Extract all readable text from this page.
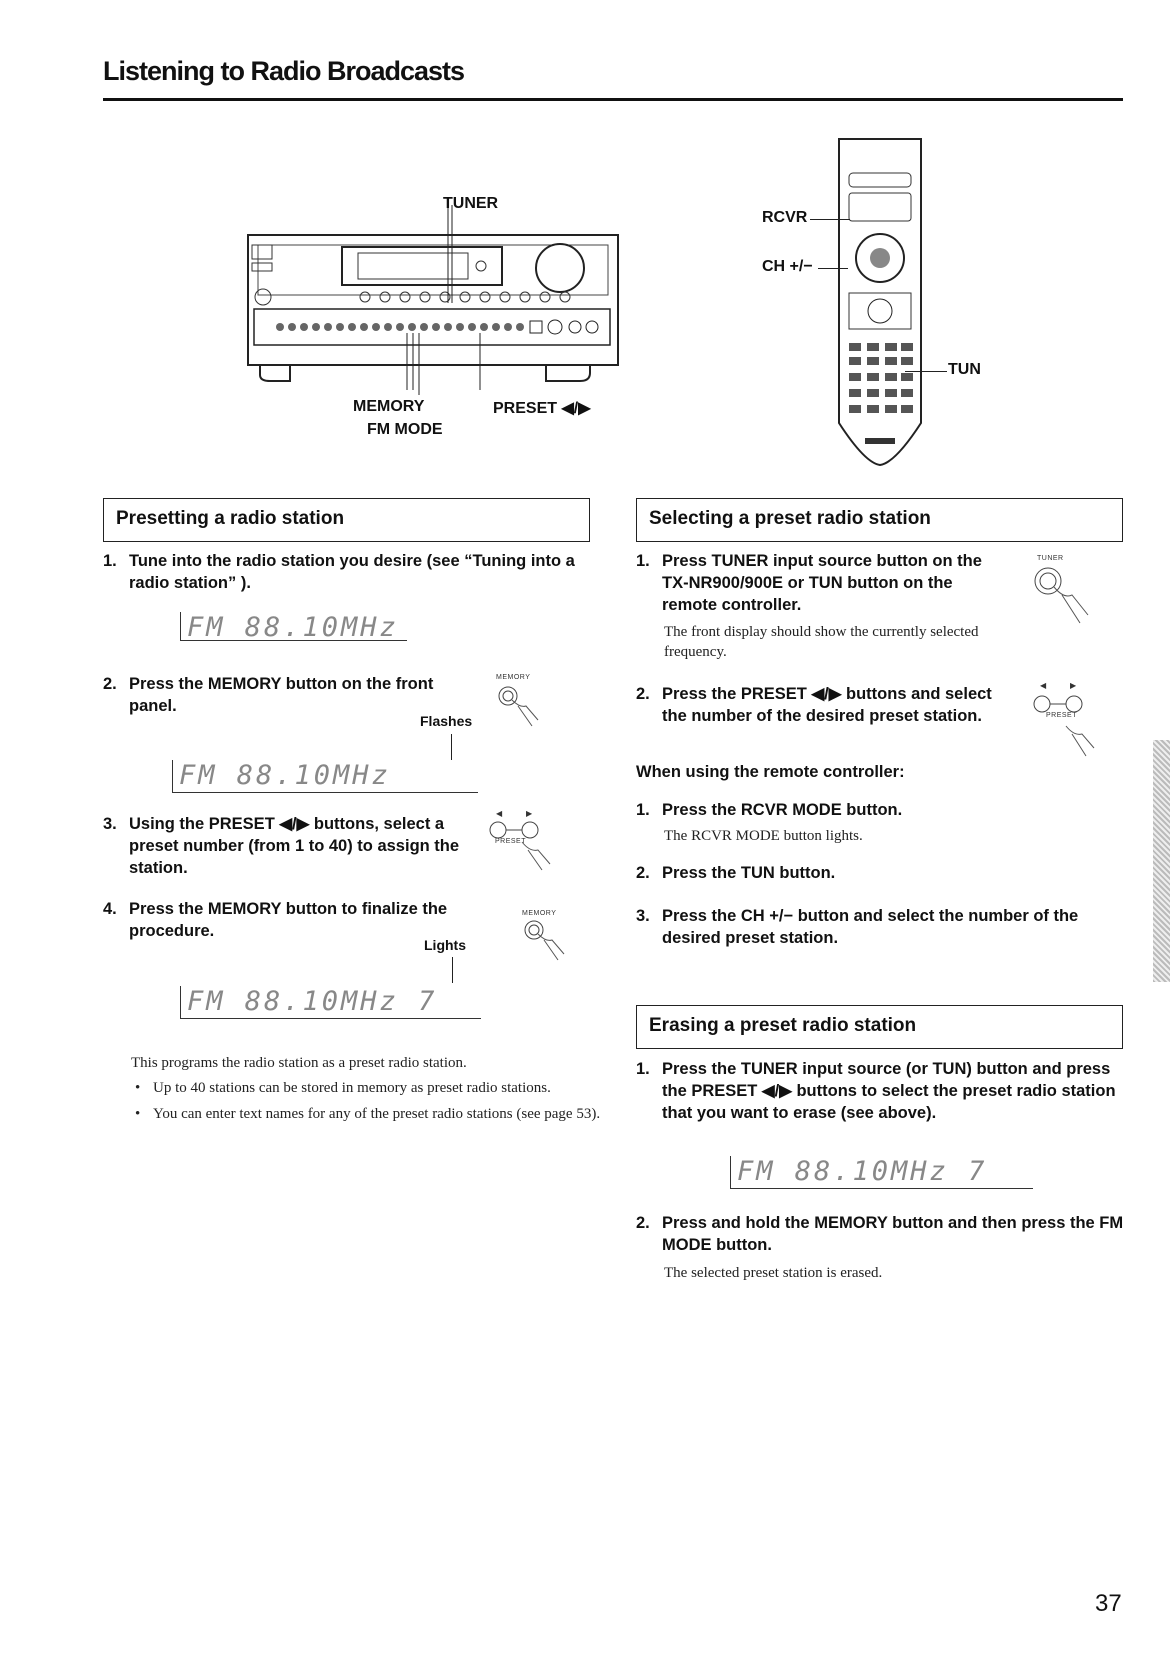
Listening to Radio Broadcasts
TUNER
MEMORY
FM MODE
PRESET ◀/▶
RCVR
CH +/−
TUN
Presetting a radio station
1. Tune into the radio station you desire (see “Tuning into a radio station” ).
FM 88.10MHz
2. Press the MEMORY button on the front panel.
MEMORY
Flashes
FM 88.10MHz
3. Using the PRESET ◀/▶ buttons, select a preset number (from 1 to 40) to assign the station.
◀	▶
PRESET
4. Press the MEMORY button to finalize the procedure.
MEMORY
Lights
FM 88.10MHz 7
This programs the radio station as a preset radio station.
• Up to 40 stations can be stored in memory as preset radio stations.
• You can enter text names for any of the preset radio stations (see page 53).
Selecting a preset radio station
1. Press TUNER input source button on the TX-NR900/900E or TUN button on the remote controller.
The front display should show the currently selected frequency.
TUNER
2. Press the PRESET ◀/▶ buttons and select the number of the desired preset station.
◀	▶
PRESET
When using the remote controller:
1. Press the RCVR MODE button.
The RCVR MODE button lights.
2. Press the TUN button.
3. Press the CH +/− button and select the number of the desired preset station.
Erasing a preset radio station
1. Press the TUNER input source (or TUN) button and press the PRESET ◀/▶ buttons to select the preset radio station that you want to erase (see above).
FM 88.10MHz 7
2. Press and hold the MEMORY button and then press the FM MODE button.
The selected preset station is erased.
37
